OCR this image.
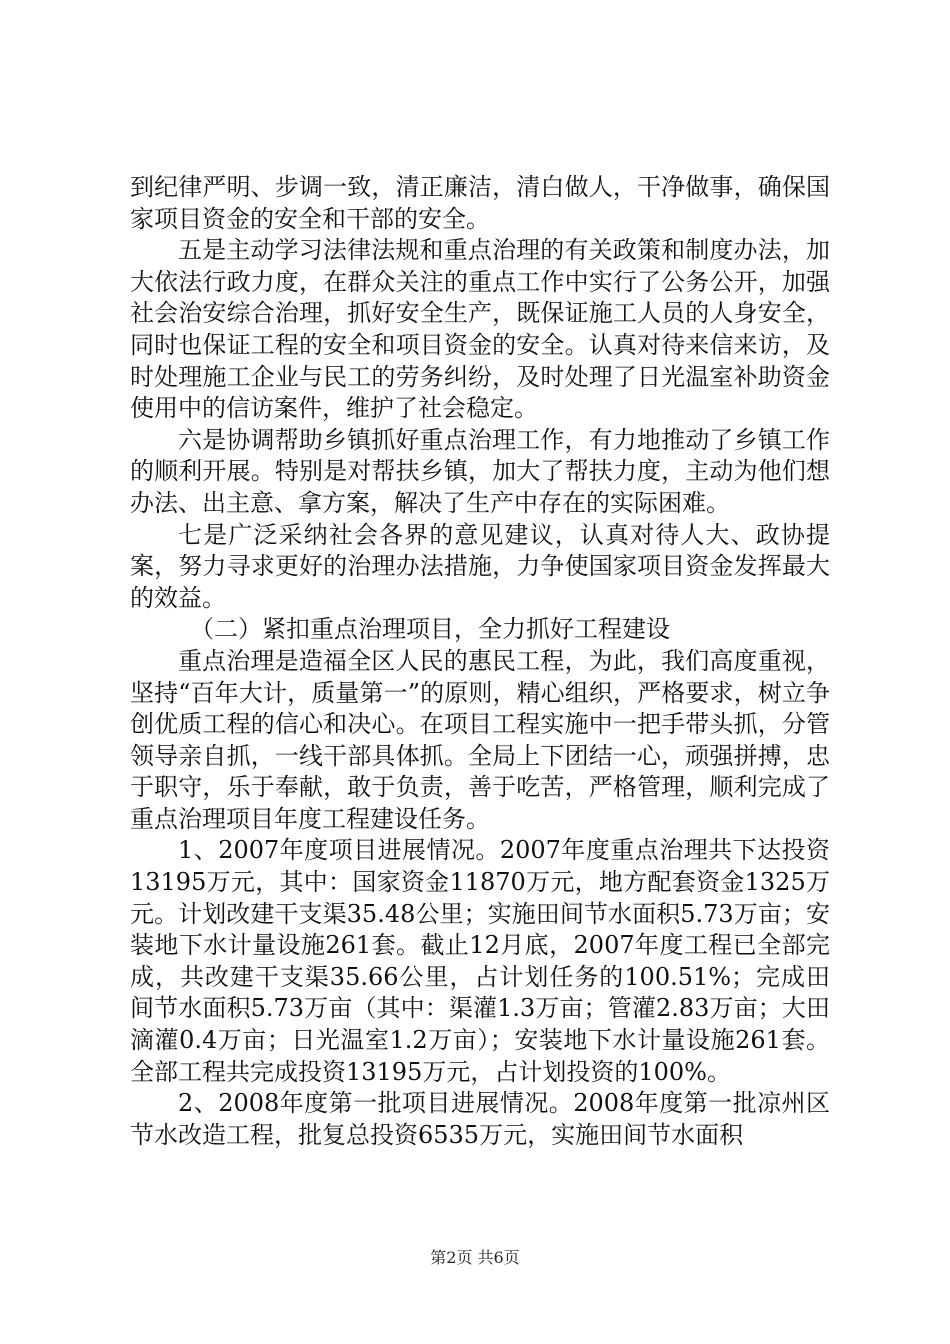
到纪律严明、步调一致，清正廉洁，清白做人，干净做事，确保国家项目资金的安全和干部的安全。

五是主动学习法律法规和重点治理的有关政策和制度办法，加大依法行政力度，在群众关注的重点工作中实行了公务公开，加强社会治安综合治理，抓好安全生产，既保证施工人员的人身安全，同时也保证工程的安全和项目资金的安全。认真对待来信来访，及时处理施工企业与民工的劳务纠纷，及时处理了日光温室补助资金使用中的信访案件，维护了社会稳定。

六是协调帮助乡镇抓好重点治理工作，有力地推动了乡镇工作的顺利开展。特别是对帮扶乡镇，加大了帮扶力度，主动为他们想办法、出主意、拿方案，解决了生产中存在的实际困难。

七是广泛采纳社会各界的意见建议，认真对待人大、政协提案，努力寻求更好的治理办法措施，力争使国家项目资金发挥最大的效益。

（二）紧扣重点治理项目，全力抓好工程建设

重点治理是造福全区人民的惠民工程，为此，我们高度重视，坚持“百年大计，质量第一”的原则，精心组织，严格要求，树立争创优质工程的信心和决心。在项目工程实施中一把手带头抓，分管领导亲自抓，一线干部具体抓。全局上下团结一心，顽强拼搏，忠于职守，乐于奉献，敢于负责，善于吃苦，严格管理，顺利完成了重点治理项目年度工程建设任务。

1、2007年度项目进展情况。2007年度重点治理共下达投资13195万元，其中：国家资金11870万元，地方配套资金1325万元。计划改建干支渠35.48公里；实施田间节水面积5.73万亩；安装地下水计量设施261套。截止12月底，2007年度工程已全部完成，共改建干支渠35.66公里，占计划任务的100.51%；完成田间节水面积5.73万亩（其中：渠灌1.3万亩；管灌2.83万亩；大田滴灌0.4万亩；日光温室1.2万亩）；安装地下水计量设施261套。全部工程共完成投资13195万元，占计划投资的100%。

2、2008年度第一批项目进展情况。2008年度第一批凉州区节水改造工程，批复总投资6535万元，实施田间节水面积

第2页 共6页
